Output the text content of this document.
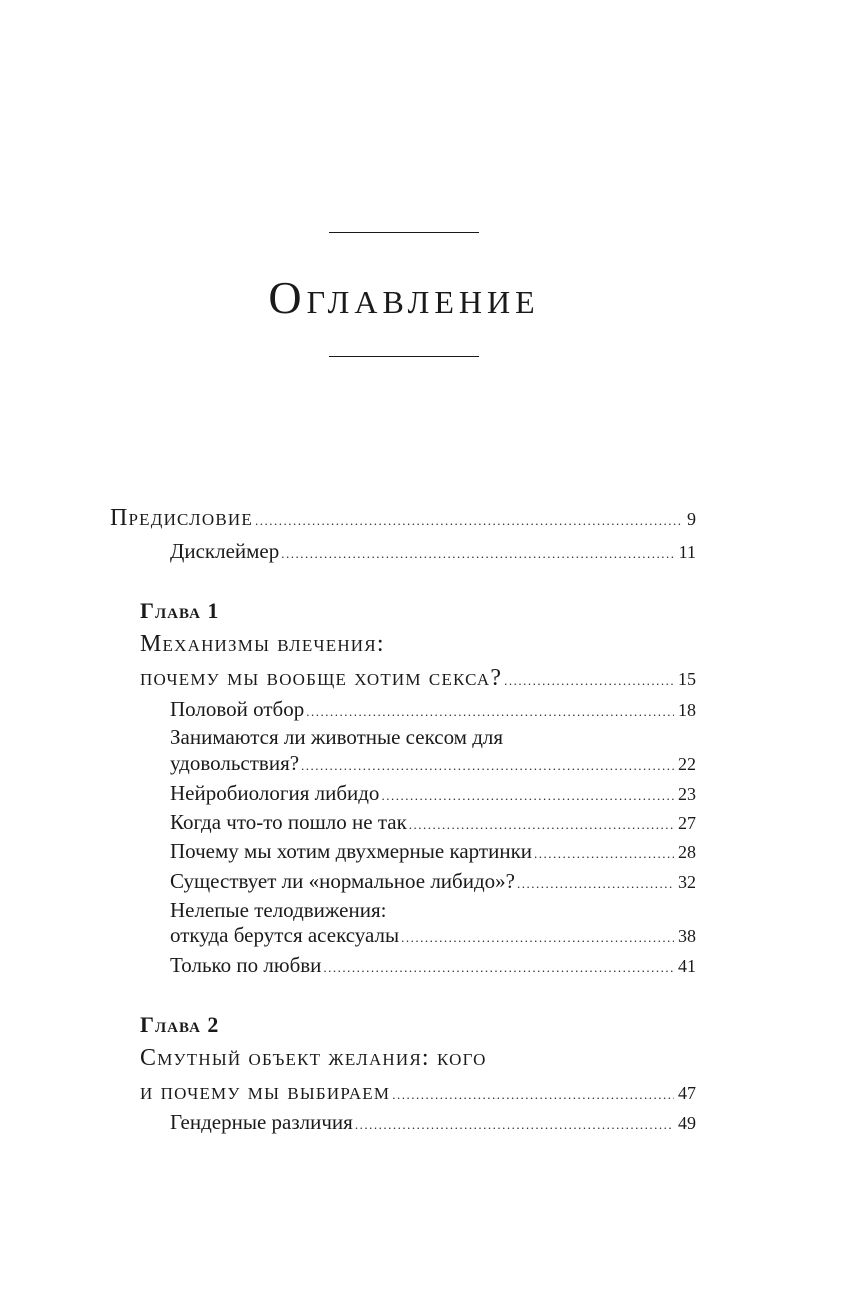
Оглавление
Предисловие .....	9
Дисклеймер .....	11
Глава 1
Механизмы влечения:
почему мы вообще хотим секса? .....	15
Половой отбор .....	18
Занимаются ли животные сексом для
удовольствия? .....	22
Нейробиология либидо .....	23
Когда что-то пошло не так .....	27
Почему мы хотим двухмерные картинки .....	28
Существует ли «нормальное либидо»? .....	32
Нелепые телодвижения:
откуда берутся асексуалы .....	38
Только по любви .....	41
Глава 2
Смутный объект желания: кого
и почему мы выбираем .....	47
Гендерные различия .....	49
